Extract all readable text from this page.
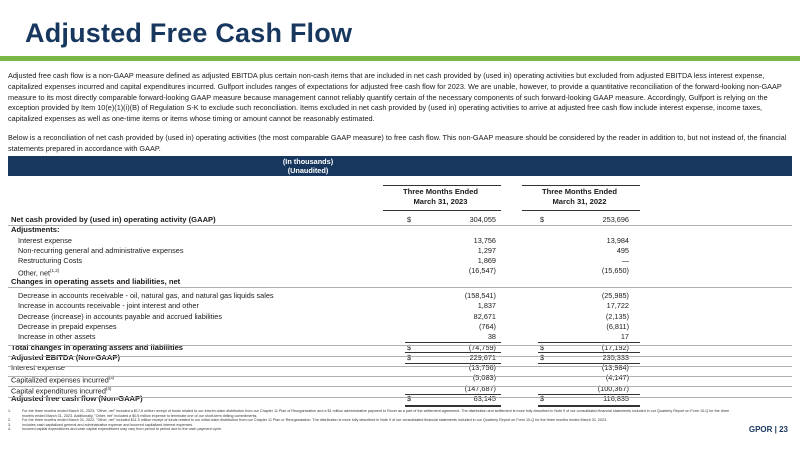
Adjusted Free Cash Flow

Adjusted free cash flow is a non-GAAP measure defined as adjusted EBITDA plus certain non-cash items that are included in net cash provided by (used in) operating activities but excluded from adjusted EBITDA less interest expense, capitalized expenses incurred and capital expenditures incurred. Gulfport includes ranges of expectations for adjusted free cash flow for 2023. We are unable, however, to provide a quantitative reconciliation of the forward-looking non-GAAP measure to its most directly comparable forward-looking GAAP measure because management cannot reliably quantify certain of the necessary components of such forward-looking GAAP measure. Accordingly, Gulfport is relying on the exception provided by Item 10(e)(1)(i)(B) of Regulation S-K to exclude such reconciliation. Items excluded in net cash provided by (used in) operating activities to arrive at adjusted free cash flow include interest expense, income taxes, capitalized expenses as well as one-time items or items whose timing or amount cannot be reasonably estimated.

Below is a reconciliation of net cash provided by (used in) operating activities (the most comparable GAAP measure) to free cash flow. This non-GAAP measure should be considered by the reader in addition to, but not instead of, the financial statements prepared in accordance with GAAP.

(In thousands)
(Unaudited)
Three Months Ended
March 31, 2023
Three Months Ended
March 31, 2022
Net cash provided by (used in) operating activity (GAAP)	$	304,055	$	253,696
Adjustments:
Interest expense	13,756	13,984
Non-recurring general and administrative expenses	1,297	495
Restructuring Costs	1,869	—
Other, net$^{(1,2)}$	(16,547)	(15,650)
Changes in operating assets and liabilities, net
Decrease in accounts receivable - oil, natural gas, and natural gas liquids sales	(158,541)	(25,985)
Increase in accounts receivable - joint interest and other	1,837	17,722
Decrease (increase) in accounts payable and accrued liabilities	82,671	(2,135)
Decrease in prepaid expenses	(764)	(6,811)
Increase in other assets	38	17
Total changes in operating assets and liabilities	$	(74,759)	$	(17,192)
Adjusted EBITDA (Non-GAAP)	$	229,671	$	235,333
Interest expense	(13,756)	(13,984)
Capitalized expenses incurred$^{(3)}$	(5,083)	(4,147)
Capital expenditures incurred$^{(4)}$	(147,687)	(100,367)
Adjusted free cash flow (Non-GAAP)	$	63,145	$	116,835
1.	For the three months ended March 31, 2023, "Other, net" included a $17.8 million receipt of funds related to our interim claim distribution from our Chapter 11 Plan of Reorganization and a $1 million administrative payment to Rover as a part of the settlement agreement. The distribution and settlement is more fully described in Note 9 of our consolidated financial statements included in our Quarterly Report on Form 10-Q for the three months ended March 31, 2023. Additionally, "Other, net" included a $0.5 million expense to terminate one of our short-term drilling commitments.
2.	For the three months ended March 31, 2022, "Other, net" included $11.5 million receipt of funds related to our initial claim distribution from our Chapter 11 Plan or Reorganization. The distribution is more fully described in Note 9 of our consolidated financial statements included in our Quarterly Report on Form 10-Q for the three months ended March 31, 2023.
3.	Includes cash capitalized general and administrative expense and incurred capitalized interest expenses.
4.	Incurred capital expenditures and cash capital expenditures may vary from period to period due to the cash payment cycle.	GPOR | 23
